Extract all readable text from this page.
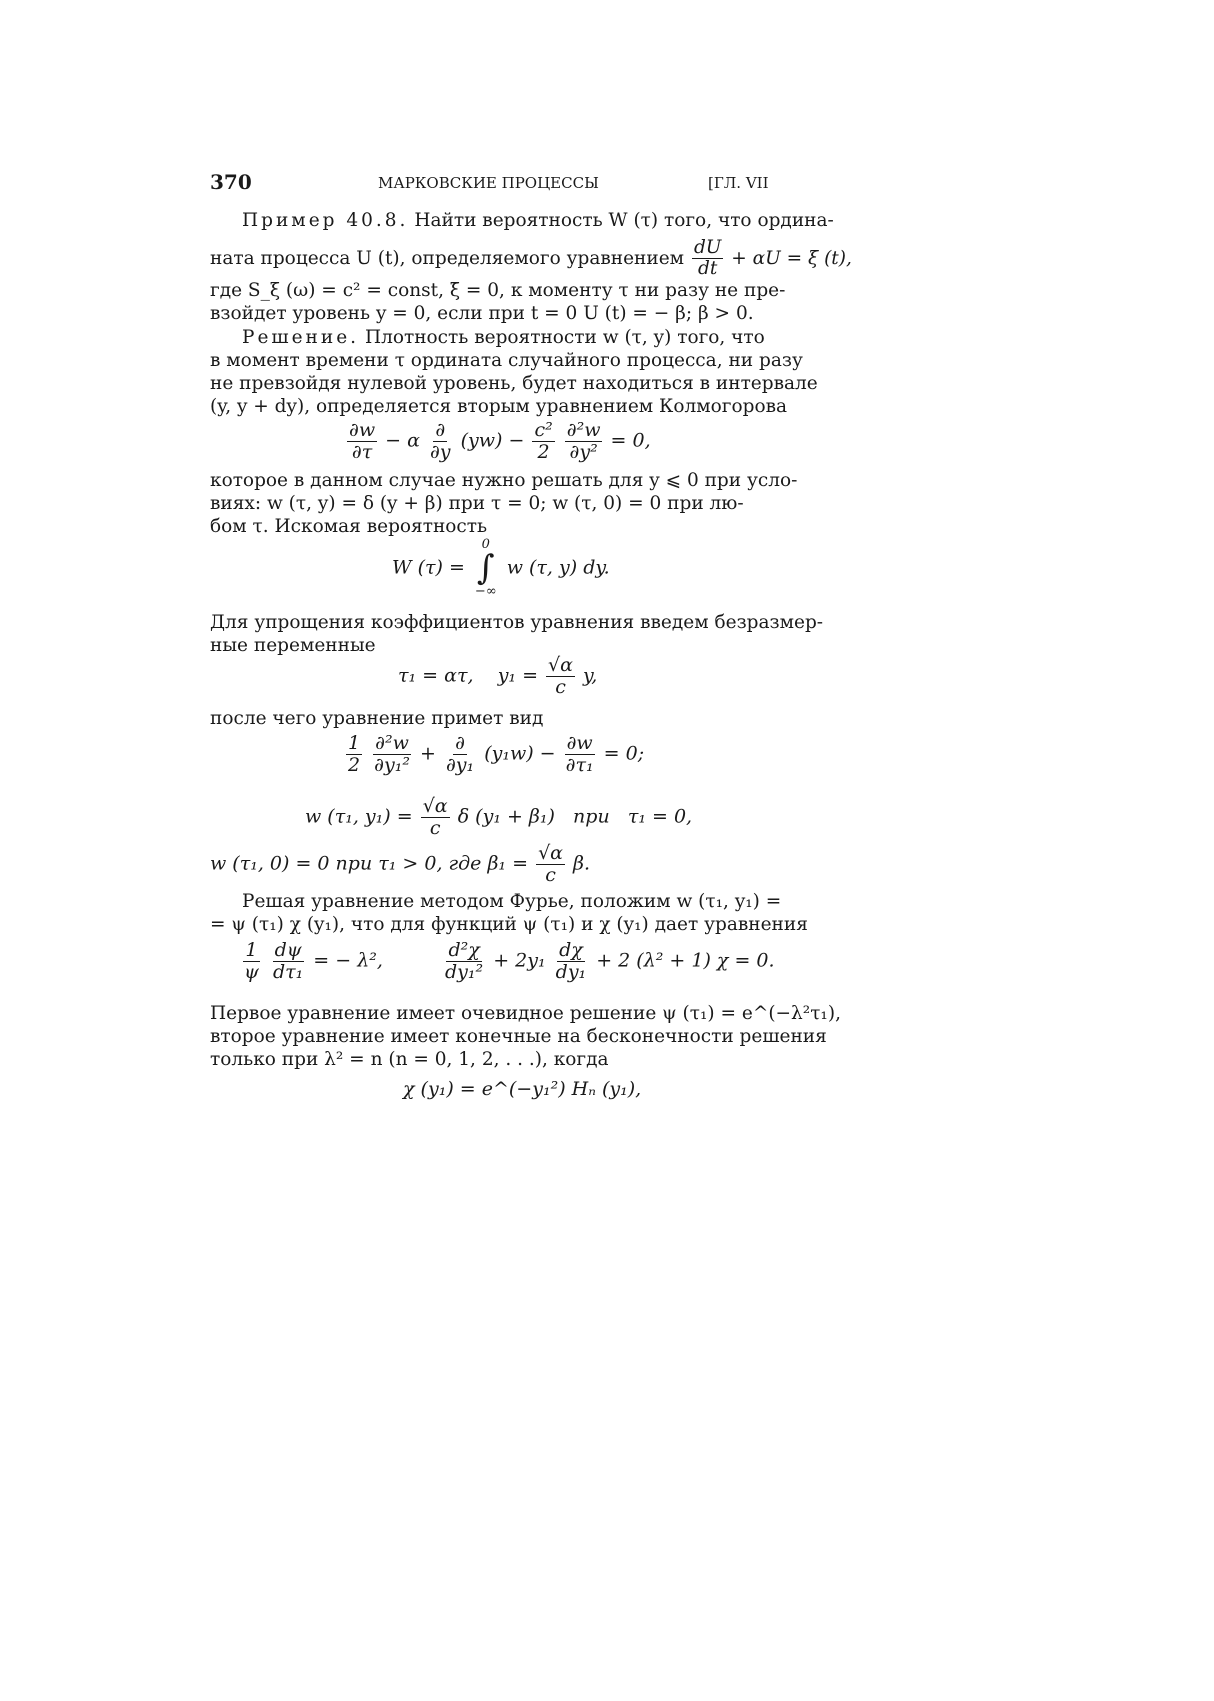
370	МАРКОВСКИЕ ПРОЦЕССЫ	[ГЛ. VII
Пример 40.8. Найти вероятность W (τ) того, что ордина-
ната процесса U (t), определяемого уравнением $\frac{dU}{dt} + \alpha U = \xi$ (t),
где S_ξ (ω) = c² = const, ξ̄ = 0, к моменту τ ни разу не пре-
взойдет уровень y = 0, если при t = 0 U (t) = − β; β > 0.
Решение. Плотность вероятности w (τ, y) того, что
в момент времени τ ордината случайного процесса, ни разу
не превзойдя нулевой уровень, будет находиться в интервале
(y, y + dy), определяется вторым уравнением Колмогорова
$\frac{\partial w}{\partial\tau} - \alpha \frac{\partial}{\partial y} (yw) - \frac{\text{c²}}{2}$
$\frac{\text{∂²w}}{\text{∂y²}} = 0$,
которое в данном случае нужно решать для y ⩽ 0 при усло-
виях: w (τ, y) = δ (y + β) при τ = 0; w (τ, 0) = 0 при лю-
бом τ. Искомая вероятность
W (τ) =
0
∫
−∞
w (τ, y) dy.
Для упрощения коэффициентов уравнения введем безразмер-
ные переменные
τ₁ = ατ, $y_1 = \frac{√\alpha}{c} y$,
после чего уравнение примет вид
$\frac{1}{2}$
$\frac{\text{∂²w}}{\text{∂y₁²}} + \frac{\partial}{\text{∂y₁}} (y_1w) - \frac{\partial w}{\text{∂τ₁}} = 0$;
w (τ₁, $y_1) = \frac{√\alpha}{c}$ δ (y₁ + β₁)   при   τ₁ = 0,
w (τ₁, 0) = 0 при τ₁ > 0, где $\beta_1 = \frac{√\alpha}{c} \beta$.
Решая уравнение методом Фурье, положим w (τ₁, y₁) =
= ψ (τ₁) χ (y₁), что для функций ψ (τ₁) и χ (y₁) дает уравнения
$\frac{1}{\psi}$
$\frac{d\psi}{\text{dτ₁}}$ = − λ²,	$\frac{\text{d²χ}}{\text{dy₁²}} + 2y_1 \frac{d\chi}{\text{dy₁}} + 2$ (λ² + 1) χ = 0.
Первое уравнение имеет очевидное решение ψ (τ₁) = e^(−λ²τ₁),
второе уравнение имеет конечные на бесконечности решения
только при λ² = n (n = 0, 1, 2, . . .), когда
χ (y₁) = e^(−y₁²) Hₙ (y₁),
